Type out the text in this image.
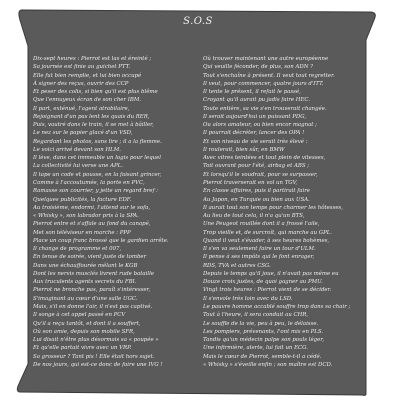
S.O.S
Dix-sept heures : Pierrot est las et éreinté ;
Sa journée est finie au guichet PTT.
Elle fut bien remplie, et lui bien occupé
À signer des reçus, ouvrir des CCP
Et peser des colis, si bien qu'il est plus blême
Que l'ennuyeux écran de son cher IBM.
Il part, exténué, l'agent atrabilaire,
Rejoignant d'un pas lent les quais du RER,
Puis, vautré dans le train, il se met à bâiller,
Le nez sur le papier glacé d'un VSD,
Regardant les photos, sans lire ; il a la flemme.
Le voici arrivé devant son HLM.
Il lève, dans cet immeuble un logis pour lequel
La collectivité lui verse une APL.
Il tape un code et pousse, en la faisant grincer,
Comme à l'accoutumée, la porte en PVC,
Ramasse son courrier, y jette un regard bref :
Quelques publicités, la facture EDF.
Au troisième, endormi, l'attend sur le sofa,
« Whisky », son labrador pris à la SPA.
Pierrot entre et s'affale au fond du canapé,
Met son téléviseur en marche : PPP
Place un coup franc brossé que le gardien arrête.
Il change de programme et 007,
En tenue de soirée, vient juste de tomber
Dans une échauffourée mêlant le KGB
Dont les nervis musclés livrent rude bataille
Aux truculents agents secrets du FBI.
Pierrot ne bronche pas, paraît s'intéresser,
S'imaginant au cœur d'une salle UGC.
Mais, s'il en donne l'air, il n'est pas captivé.
Il songe à cet appel passé en PCV
Qu'il a reçu tantôt, et dont il a souffert,
Où son amie, depuis son mobile SFR,
Lui disait n'être plus désormais sa « poupée »
Et qu'elle partait vivre avec un VRP.
Sa grosseur ? Tant pis ! Elle était hors sujet.
De nos jours, qui est-ce donc de faire une IVG !
Où trouver maintenant une autre européenne
Qui veuille féconder, de plus, son ADN ?
Tout s'enchaîne à présent. Il veut tout regretter.
Il veut, pour commencer, quatre jours d'ITT.
Il tente le présent, il refait le passé,
Croyant qu'il aurait pu jadis faire HEC.
Toute entière, sa vie s'en trouverait changée.
Il serait aujourd'hui un puissant PDG,
Ou alors amateur, ou bien encor magnat ;
Il pourrait décréter, lancer des OPA !
Et son niveau de vie serait très élevé :
Il roulerait, bien sûr, en BMW
Avec vitres teintées et tout plein de vitesses,
Toit ouvrant pour l'été, airbag et ABS ;
Et lorsqu'il le voudrait, pour se surpasser,
Pierrot traverserait en vol un TGV,
En classe affaires, puis il partirait faire
Au Japon, en Turquie ou bien aux USA.
Il aurait tout son temps pour charmer les hôtesses,
Au lieu de tout cela, il n'a qu'un BTS,
Une Peugeot rouillée dont il a frossé l'aile,
Trop vieille et, de surcroît, qui marche au GPL.
Quand il veut s'évader, à ses heures bohèmes,
Il s'en va seulement faire un tour d'ULM.
Il pense à ses impôts qui le font enrager,
RDS, TVA et autres CSG.
Depuis le temps qu'il joue, il n'avait pas même eu
Douze croix justes, de quoi gagner au PMU.
Vingt trois heures : Pierrot vient de se décider.
Il s'envole très loin avec du LSD.
Le pauvre homme accablé souffre trop dans sa chair ;
Tout à l'heure, il sera conduit au CHR,
Le souffle de la vie, peu à peu, le délaisse.
Les pompiers, prévenants, l'ont mis en PLS.
Tandis qu'un médecin palpe son pouls léger,
Une infirmière, alerte, lui fait un ECG.
Mais le cœur de Pierrot, semble-t-il a cédé.
« Whisky » s'éveille enfin ; son maître est DCD.
